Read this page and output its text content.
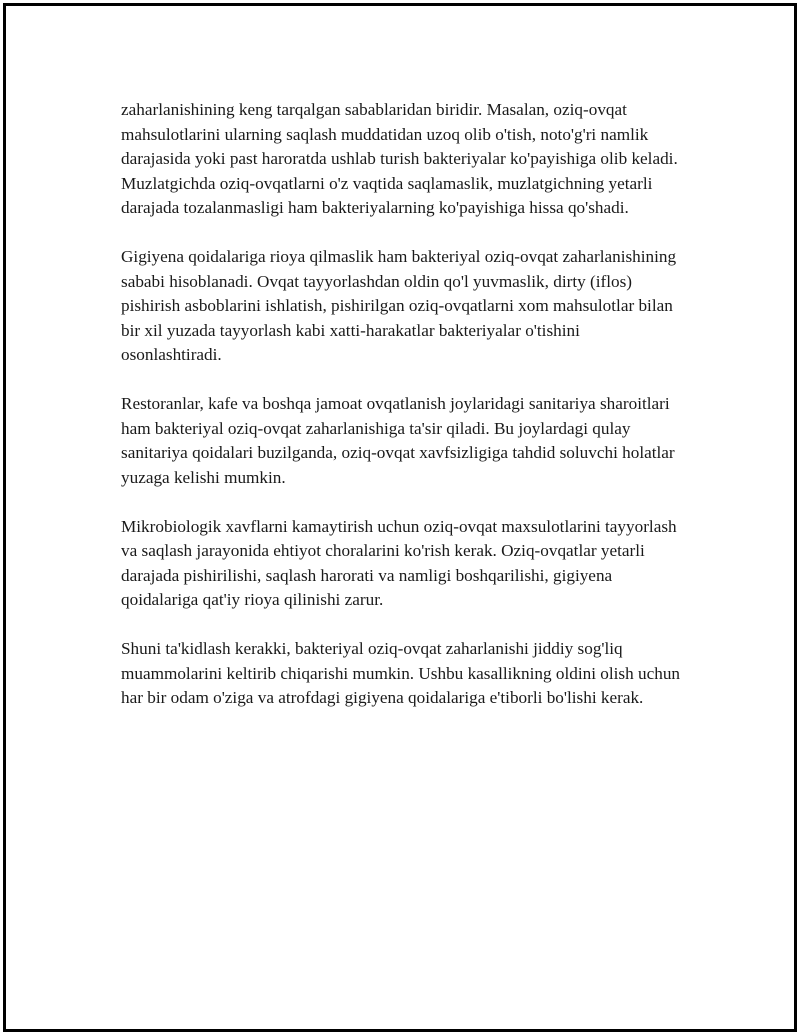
zaharlanishining keng tarqalgan sabablaridan biridir. Masalan, oziq-ovqat mahsulotlarini ularning saqlash muddatidan uzoq olib o'tish, noto'g'ri namlik darajasida yoki past haroratda ushlab turish bakteriyalar ko'payishiga olib keladi. Muzlatgichda oziq-ovqatlarni o'z vaqtida saqlamaslik, muzlatgichning yetarli darajada tozalanmasligi ham bakteriyalarning ko'payishiga hissa qo'shadi.

Gigiyena qoidalariga rioya qilmaslik ham bakteriyal oziq-ovqat zaharlanishining sababi hisoblanadi. Ovqat tayyorlashdan oldin qo'l yuvmaslik, dirty (iflos) pishirish asboblarini ishlatish, pishirilgan oziq-ovqatlarni xom mahsulotlar bilan bir xil yuzada tayyorlash kabi xatti-harakatlar bakteriyalar o'tishini osonlashtiradi.

Restoranlar, kafe va boshqa jamoat ovqatlanish joylaridagi sanitariya sharoitlari ham bakteriyal oziq-ovqat zaharlanishiga ta'sir qiladi. Bu joylardagi qulay sanitariya qoidalari buzilganda, oziq-ovqat xavfsizligiga tahdid soluvchi holatlar yuzaga kelishi mumkin.

Mikrobiologik xavflarni kamaytirish uchun oziq-ovqat maxsulotlarini tayyorlash va saqlash jarayonida ehtiyot choralarini ko'rish kerak. Oziq-ovqatlar yetarli darajada pishirilishi, saqlash harorati va namligi boshqarilishi, gigiyena qoidalariga qat'iy rioya qilinishi zarur.

Shuni ta'kidlash kerakki, bakteriyal oziq-ovqat zaharlanishi jiddiy sog'liq muammolarini keltirib chiqarishi mumkin. Ushbu kasallikning oldini olish uchun har bir odam o'ziga va atrofdagi gigiyena qoidalariga e'tiborli bo'lishi kerak.
